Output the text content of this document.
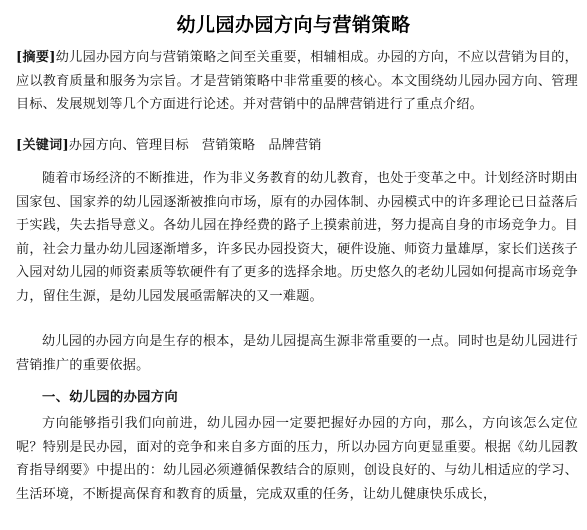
幼儿园办园方向与营销策略

[摘要]幼儿园办园方向与营销策略之间至关重要，相辅相成。办园的方向，不应以营销为目的，应以教育质量和服务为宗旨。才是营销策略中非常重要的核心。本文围绕幼儿园办园方向、管理目标、发展规划等几个方面进行论述。并对营销中的品牌营销进行了重点介绍。

[关键词]办园方向、管理目标 营销策略 品牌营销

随着市场经济的不断推进，作为非义务教育的幼儿教育，也处于变革之中。计划经济时期由国家包、国家养的幼儿园逐渐被推向市场，原有的办园体制、办园模式中的许多理论已日益落后于实践，失去指导意义。各幼儿园在挣经费的路子上摸索前进，努力提高自身的市场竞争力。目前，社会力量办幼儿园逐渐增多，许多民办园投资大，硬件设施、师资力量雄厚，家长们送孩子入园对幼儿园的师资素质等软硬件有了更多的选择余地。历史悠久的老幼儿园如何提高市场竞争力，留住生源，是幼儿园发展亟需解决的又一难题。

幼儿园的办园方向是生存的根本，是幼儿园提高生源非常重要的一点。同时也是幼儿园进行营销推广的重要依据。

一、幼儿园的办园方向

方向能够指引我们向前进，幼儿园办园一定要把握好办园的方向，那么，方向该怎么定位呢？特别是民办园，面对的竞争和来自多方面的压力，所以办园方向更显重要。根据《幼儿园教育指导纲要》中提出的：幼儿园必须遵循保教结合的原则，创设良好的、与幼儿相适应的学习、生活环境，不断提高保育和教育的质量，完成双重的任务，让幼儿健康快乐成长，
